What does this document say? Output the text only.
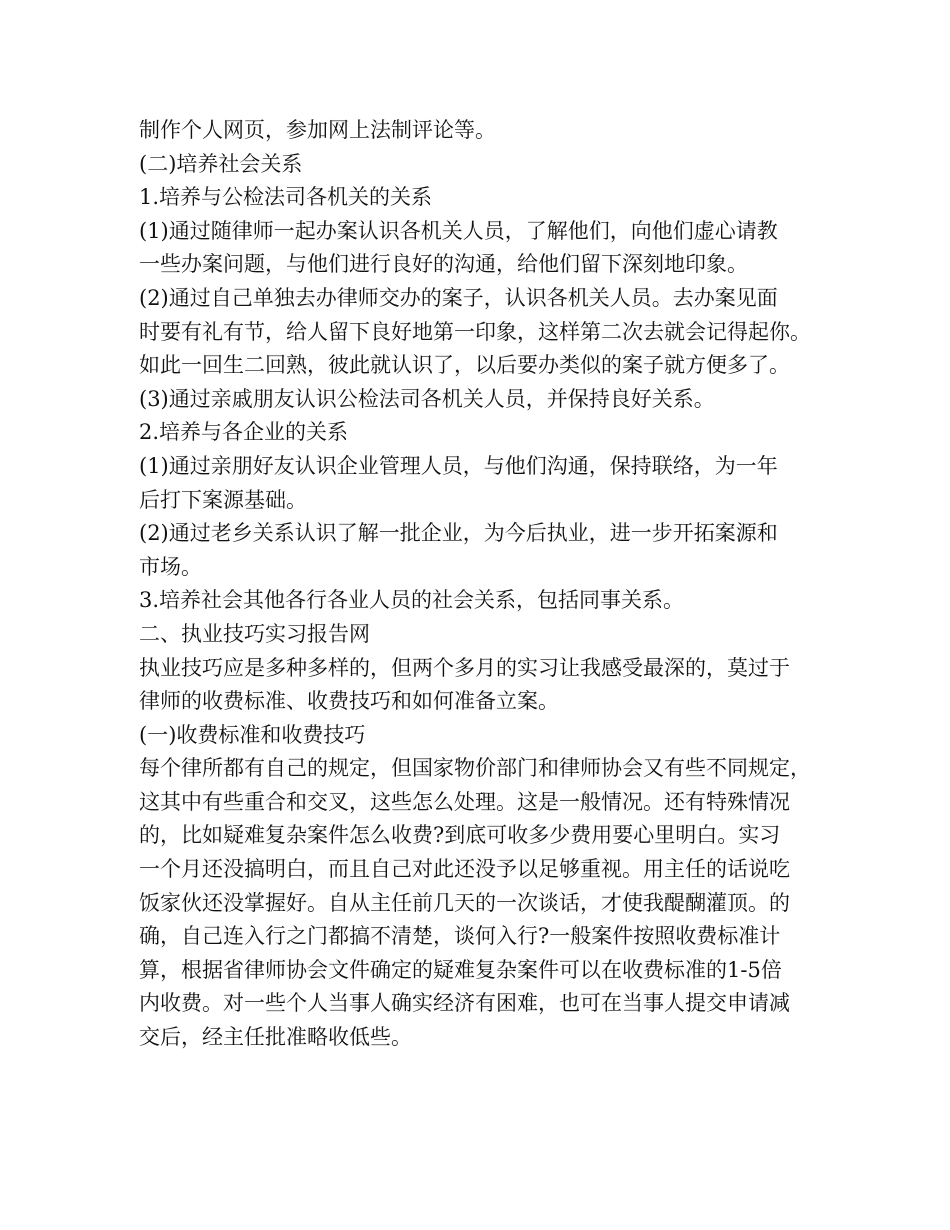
制作个人网页，参加网上法制评论等。

(二)培养社会关系

1.培养与公检法司各机关的关系

(1)通过随律师一起办案认识各机关人员，了解他们，向他们虚心请教

一些办案问题，与他们进行良好的沟通，给他们留下深刻地印象。

(2)通过自己单独去办律师交办的案子，认识各机关人员。去办案见面

时要有礼有节，给人留下良好地第一印象，这样第二次去就会记得起你。

如此一回生二回熟，彼此就认识了，以后要办类似的案子就方便多了。

(3)通过亲戚朋友认识公检法司各机关人员，并保持良好关系。

2.培养与各企业的关系

(1)通过亲朋好友认识企业管理人员，与他们沟通，保持联络，为一年

后打下案源基础。

(2)通过老乡关系认识了解一批企业，为今后执业，进一步开拓案源和

市场。

3.培养社会其他各行各业人员的社会关系，包括同事关系。

二、执业技巧实习报告网

执业技巧应是多种多样的，但两个多月的实习让我感受最深的，莫过于

律师的收费标准、收费技巧和如何准备立案。

(一)收费标准和收费技巧

每个律所都有自己的规定，但国家物价部门和律师协会又有些不同规定，

这其中有些重合和交叉，这些怎么处理。这是一般情况。还有特殊情况

的，比如疑难复杂案件怎么收费?到底可收多少费用要心里明白。实习

一个月还没搞明白，而且自己对此还没予以足够重视。用主任的话说吃

饭家伙还没掌握好。自从主任前几天的一次谈话，才使我醍醐灌顶。的

确，自己连入行之门都搞不清楚，谈何入行?一般案件按照收费标准计

算，根据省律师协会文件确定的疑难复杂案件可以在收费标准的1-5倍

内收费。对一些个人当事人确实经济有困难，也可在当事人提交申请减

交后，经主任批准略收低些。
